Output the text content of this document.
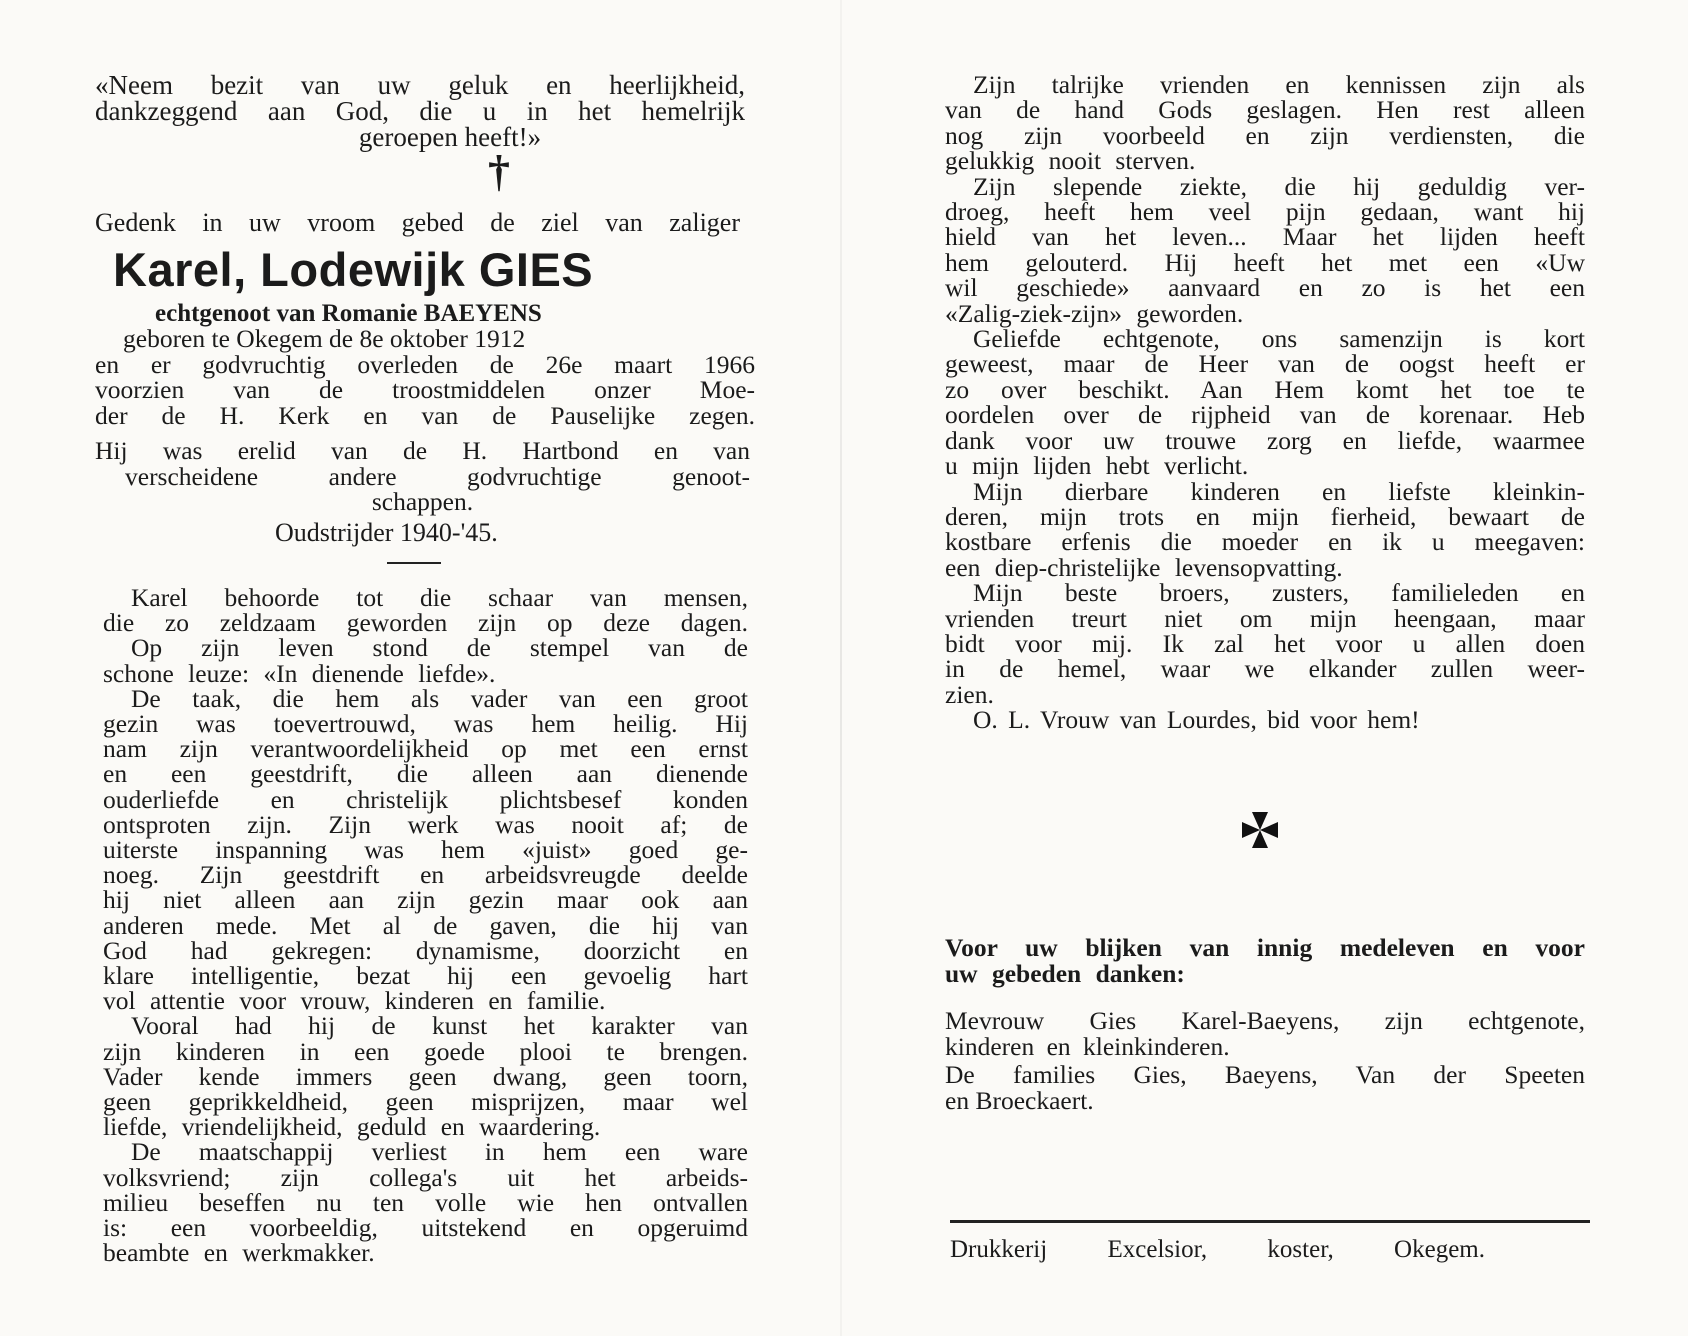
«Neem bezit van uw geluk en heerlijkheid,
dankzeggend aan God, die u in het hemelrijk
geroepen heeft!»
†
Gedenk in uw vroom gebed de ziel van zaliger
Karel, Lodewijk GIES
echtgenoot van Romanie BAEYENS
geboren te Okegem de 8e oktober 1912
en er godvruchtig overleden de 26e maart 1966
voorzien van de troostmiddelen onzer Moe-
der de H. Kerk en van de Pauselijke zegen.
Hij was erelid van de H. Hartbond en van
verscheidene andere godvruchtige genoot-
schappen.
Oudstrijder 1940-'45.
Karel behoorde tot die schaar van mensen,
die zo zeldzaam geworden zijn op deze dagen.
Op zijn leven stond de stempel van de
schone leuze: «In dienende liefde».
De taak, die hem als vader van een groot
gezin was toevertrouwd, was hem heilig. Hij
nam zijn verantwoordelijkheid op met een ernst
en een geestdrift, die alleen aan dienende
ouderliefde en christelijk plichtsbesef konden
ontsproten zijn. Zijn werk was nooit af; de
uiterste inspanning was hem «juist» goed ge-
noeg. Zijn geestdrift en arbeidsvreugde deelde
hij niet alleen aan zijn gezin maar ook aan
anderen mede. Met al de gaven, die hij van
God had gekregen: dynamisme, doorzicht en
klare intelligentie, bezat hij een gevoelig hart
vol attentie voor vrouw, kinderen en familie.
Vooral had hij de kunst het karakter van
zijn kinderen in een goede plooi te brengen.
Vader kende immers geen dwang, geen toorn,
geen geprikkeldheid, geen misprijzen, maar wel
liefde, vriendelijkheid, geduld en waardering.
De maatschappij verliest in hem een ware
volksvriend; zijn collega's uit het arbeids-
milieu beseffen nu ten volle wie hen ontvallen
is: een voorbeeldig, uitstekend en opgeruimd
beambte en werkmakker.
Zijn talrijke vrienden en kennissen zijn als
van de hand Gods geslagen. Hen rest alleen
nog zijn voorbeeld en zijn verdiensten, die
gelukkig nooit sterven.
Zijn slepende ziekte, die hij geduldig ver-
droeg, heeft hem veel pijn gedaan, want hij
hield van het leven... Maar het lijden heeft
hem gelouterd. Hij heeft het met een «Uw
wil geschiede» aanvaard en zo is het een
«Zalig-ziek-zijn» geworden.
Geliefde echtgenote, ons samenzijn is kort
geweest, maar de Heer van de oogst heeft er
zo over beschikt. Aan Hem komt het toe te
oordelen over de rijpheid van de korenaar. Heb
dank voor uw trouwe zorg en liefde, waarmee
u mijn lijden hebt verlicht.
Mijn dierbare kinderen en liefste kleinkin-
deren, mijn trots en mijn fierheid, bewaart de
kostbare erfenis die moeder en ik u meegaven:
een diep-christelijke levensopvatting.
Mijn beste broers, zusters, familieleden en
vrienden treurt niet om mijn heengaan, maar
bidt voor mij. Ik zal het voor u allen doen
in de hemel, waar we elkander zullen weer-
zien.
O. L. Vrouw van Lourdes, bid voor hem!
Voor uw blijken van innig medeleven en voor
uw gebeden danken:
Mevrouw Gies Karel-Baeyens, zijn echtgenote,
kinderen en kleinkinderen.
De families Gies, Baeyens, Van der Speeten
en Broeckaert.
Drukkerij Excelsior, koster, Okegem.
